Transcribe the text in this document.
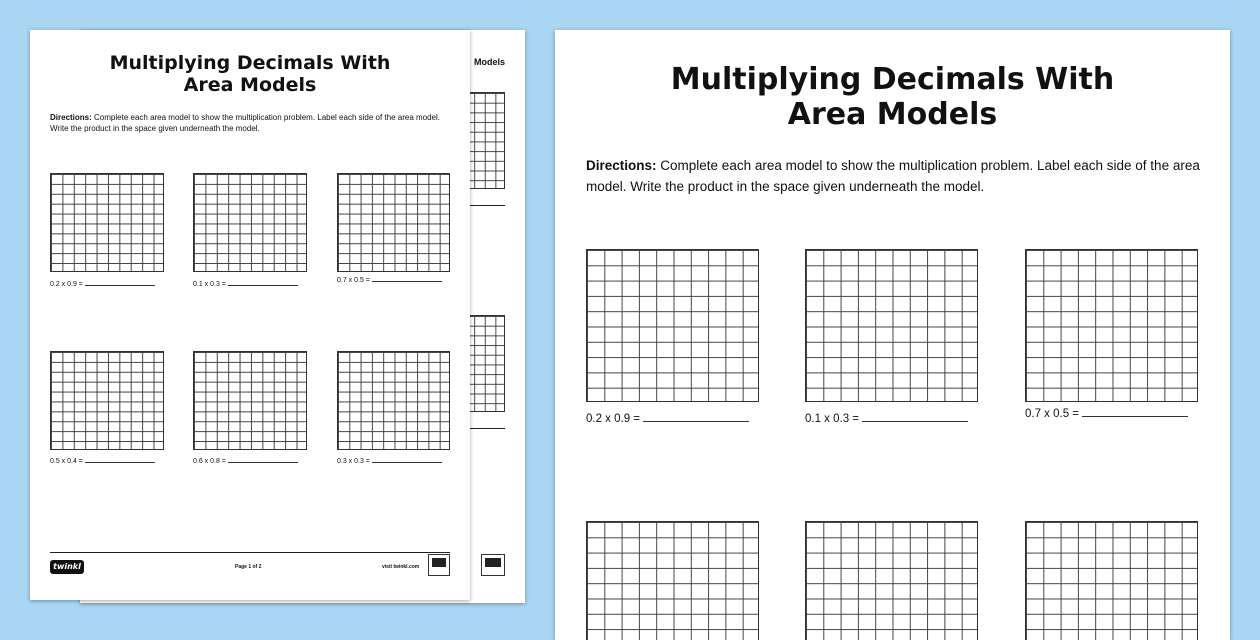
Models
Multiplying Decimals With
Area Models
Directions: Complete each area model to show the multiplication problem. Label each side of the area model. Write the product in the space given underneath the model.
0.2 x 0.9 =	0.1 x 0.3 =
0.7 x 0.5 =
0.5 x 0.4 =	0.6 x 0.8 =	0.3 x 0.3 =
twinkl	Page 1 of 2	visit twinkl.com
Multiplying Decimals With
Area Models
Directions: Complete each area model to show the multiplication problem. Label each side of the area model. Write the product in the space given underneath the model.
0.2 x 0.9 =	0.1 x 0.3 =	0.7 x 0.5 =
